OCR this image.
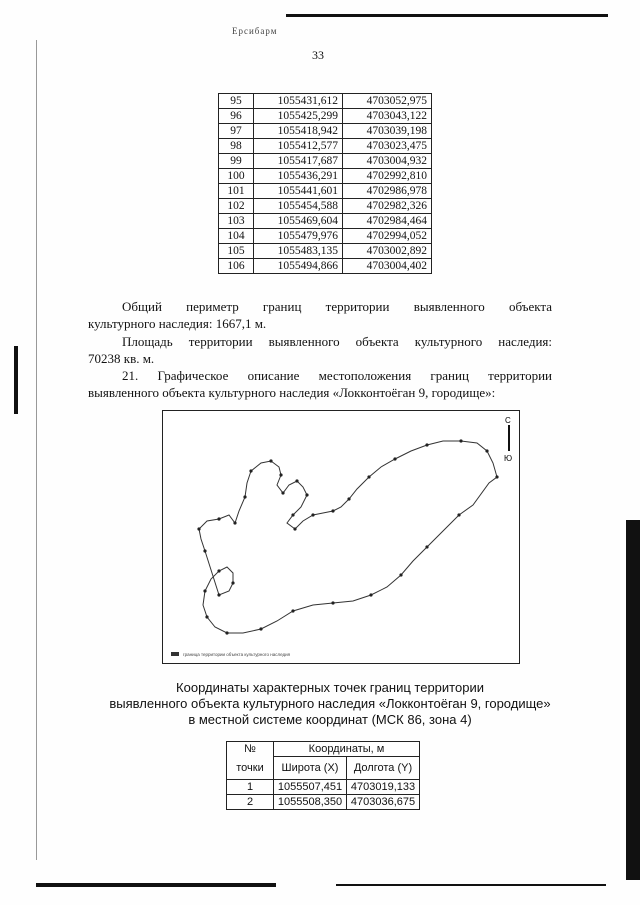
Ерсибарм
33
95	1055431,612	4703052,975
96	1055425,299	4703043,122
97	1055418,942	4703039,198
98	1055412,577	4703023,475
99	1055417,687	4703004,932
100	1055436,291	4702992,810
101	1055441,601	4702986,978
102	1055454,588	4702982,326
103	1055469,604	4702984,464
104	1055479,976	4702994,052
105	1055483,135	4703002,892
106	1055494,866	4703004,402
Общий периметр границ территории выявленного объекта
культурного наследия: 1667,1 м.
Площадь территории выявленного объекта культурного наследия:
70238 кв. м.
21. Графическое описание местоположения границ территории
выявленного объекта культурного наследия «Локконтоёган 9, городище»:
С
Ю
граница территории объекта культурного наследия
Координаты характерных точек границ территории
выявленного объекта культурного наследия «Локконтоёган 9, городище»
в местной системе координат (МСК 86, зона 4)
№	Координаты, м	
точки	Широта (X)	Долгота (Y)
1	1055507,451	4703019,133
2	1055508,350	4703036,675
